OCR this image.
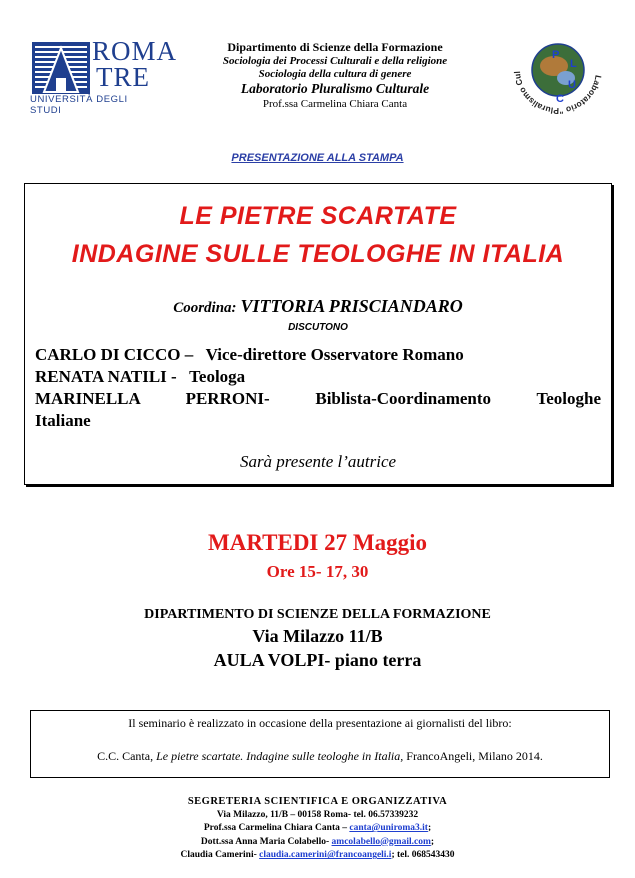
ROMA
TRE
UNIVERSITÀ DEGLI STUDI
Dipartimento di Scienze della Formazione
Sociologia dei Processi Culturali e della religione
Sociologia della cultura di genere
Laboratorio Pluralismo Culturale
Prof.ssa Carmelina Chiara Canta
Laboratorio "Pluralismo Cul
P
L
U
C
PRESENTAZIONE ALLA STAMPA
LE PIETRE SCARTATE
INDAGINE SULLE TEOLOGHE IN ITALIA
Coordina: VITTORIA PRISCIANDARO
DISCUTONO
CARLO DI CICCO –   Vice-direttore Osservatore Romano
RENATA NATILI -   Teologa
MARINELLA PERRONI- Biblista-Coordinamento Teologhe
Italiane
Sarà presente l’autrice
MARTEDI 27 Maggio
Ore 15- 17, 30
DIPARTIMENTO DI SCIENZE DELLA FORMAZIONE
Via Milazzo 11/B
AULA VOLPI- piano terra
Il seminario è realizzato in occasione della presentazione ai giornalisti del libro:
C.C. Canta, Le pietre scartate. Indagine sulle teologhe in Italia, FrancoAngeli, Milano 2014.
SEGRETERIA SCIENTIFICA E ORGANIZZATIVA
Via Milazzo, 11/B – 00158 Roma- tel. 06.57339232
Prof.ssa Carmelina Chiara Canta – canta@uniroma3.it;
Dott.ssa Anna Maria Colabello- amcolabello@gmail.com;
Claudia Camerini- claudia.camerini@francoangeli.i; tel. 068543430
